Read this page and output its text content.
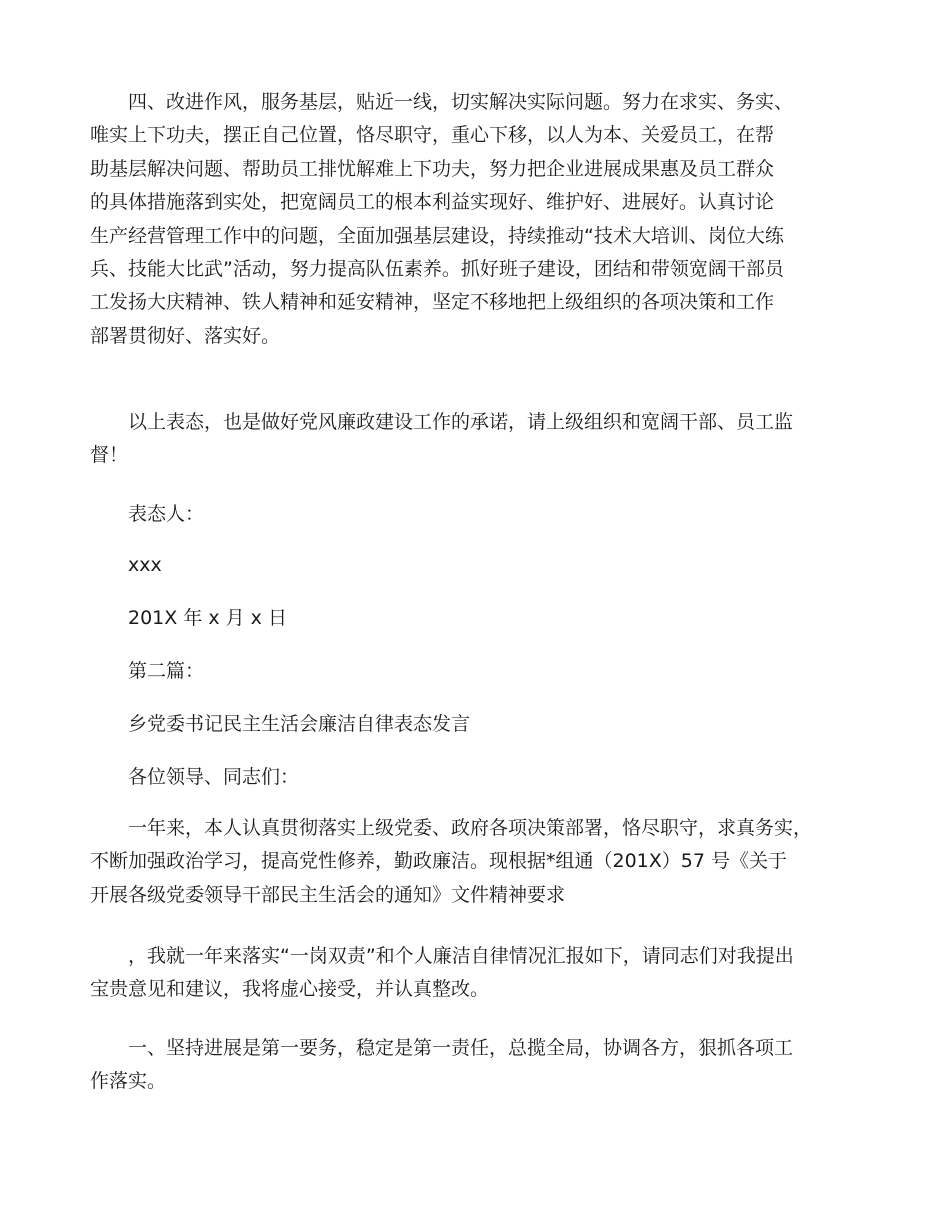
四、改进作风，服务基层，贴近一线，切实解决实际问题。努力在求实、务实、
唯实上下功夫，摆正自己位置，恪尽职守，重心下移，以人为本、关爱员工，在帮
助基层解决问题、帮助员工排忧解难上下功夫，努力把企业进展成果惠及员工群众
的具体措施落到实处，把宽阔员工的根本利益实现好、维护好、进展好。认真讨论
生产经营管理工作中的问题，全面加强基层建设，持续推动“技术大培训、岗位大练
兵、技能大比武”活动，努力提高队伍素养。抓好班子建设，团结和带领宽阔干部员
工发扬大庆精神、铁人精神和延安精神，坚定不移地把上级组织的各项决策和工作
部署贯彻好、落实好。
以上表态，也是做好党风廉政建设工作的承诺，请上级组织和宽阔干部、员工监
督！
表态人：
xxx
201X 年 x 月 x 日
第二篇：
乡党委书记民主生活会廉洁自律表态发言
各位领导、同志们：
一年来，本人认真贯彻落实上级党委、政府各项决策部署，恪尽职守，求真务实，
不断加强政治学习，提高党性修养，勤政廉洁。现根据*组通（201X）57 号《关于
开展各级党委领导干部民主生活会的通知》文件精神要求
，我就一年来落实“一岗双责”和个人廉洁自律情况汇报如下，请同志们对我提出
宝贵意见和建议，我将虚心接受，并认真整改。
一、坚持进展是第一要务，稳定是第一责任，总揽全局，协调各方，狠抓各项工
作落实。
